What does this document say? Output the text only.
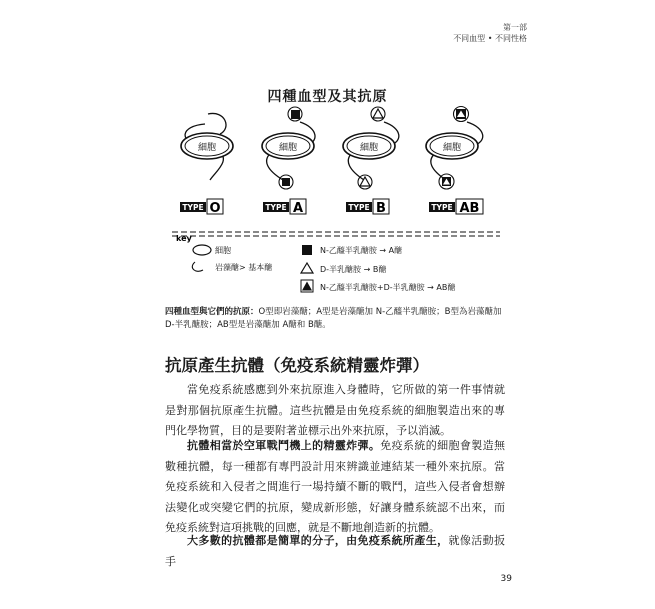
第一部
不同血型 • 不同性格
四種血型及其抗原
細胞	細胞	細胞	細胞
TYPE O	TYPE A	TYPE B	TYPE AB
key
細胞
岩藻醣> 基本醣
N-乙醯半乳醣胺 → A醣
D-半乳醣胺 → B醣
N-乙醯半乳醣胺+D-半乳醣胺 → AB醣
四種血型與它們的抗原：O型即岩藻醣；A型是岩藻醣加 N-乙醯半乳醣胺；B型為岩藻醣加 D-半乳醣胺；AB型是岩藻醣加 A醣和 B醣。
抗原產生抗體（免疫系統精靈炸彈）
當免疫系統感應到外來抗原進入身體時，它所做的第一件事情就是對那個抗原產生抗體。這些抗體是由免疫系統的細胞製造出來的專門化學物質，目的是要附著並標示出外來抗原，予以消滅。
抗體相當於空軍戰鬥機上的精靈炸彈。免疫系統的細胞會製造無數種抗體，每一種都有專門設計用來辨識並連結某一種外來抗原。當免疫系統和入侵者之間進行一場持續不斷的戰鬥，這些入侵者會想辦法變化或突變它們的抗原，變成新形態，好讓身體系統認不出來，而免疫系統對這項挑戰的回應，就是不斷地創造新的抗體。
大多數的抗體都是簡單的分子，由免疫系統所產生，就像活動扳手
39
